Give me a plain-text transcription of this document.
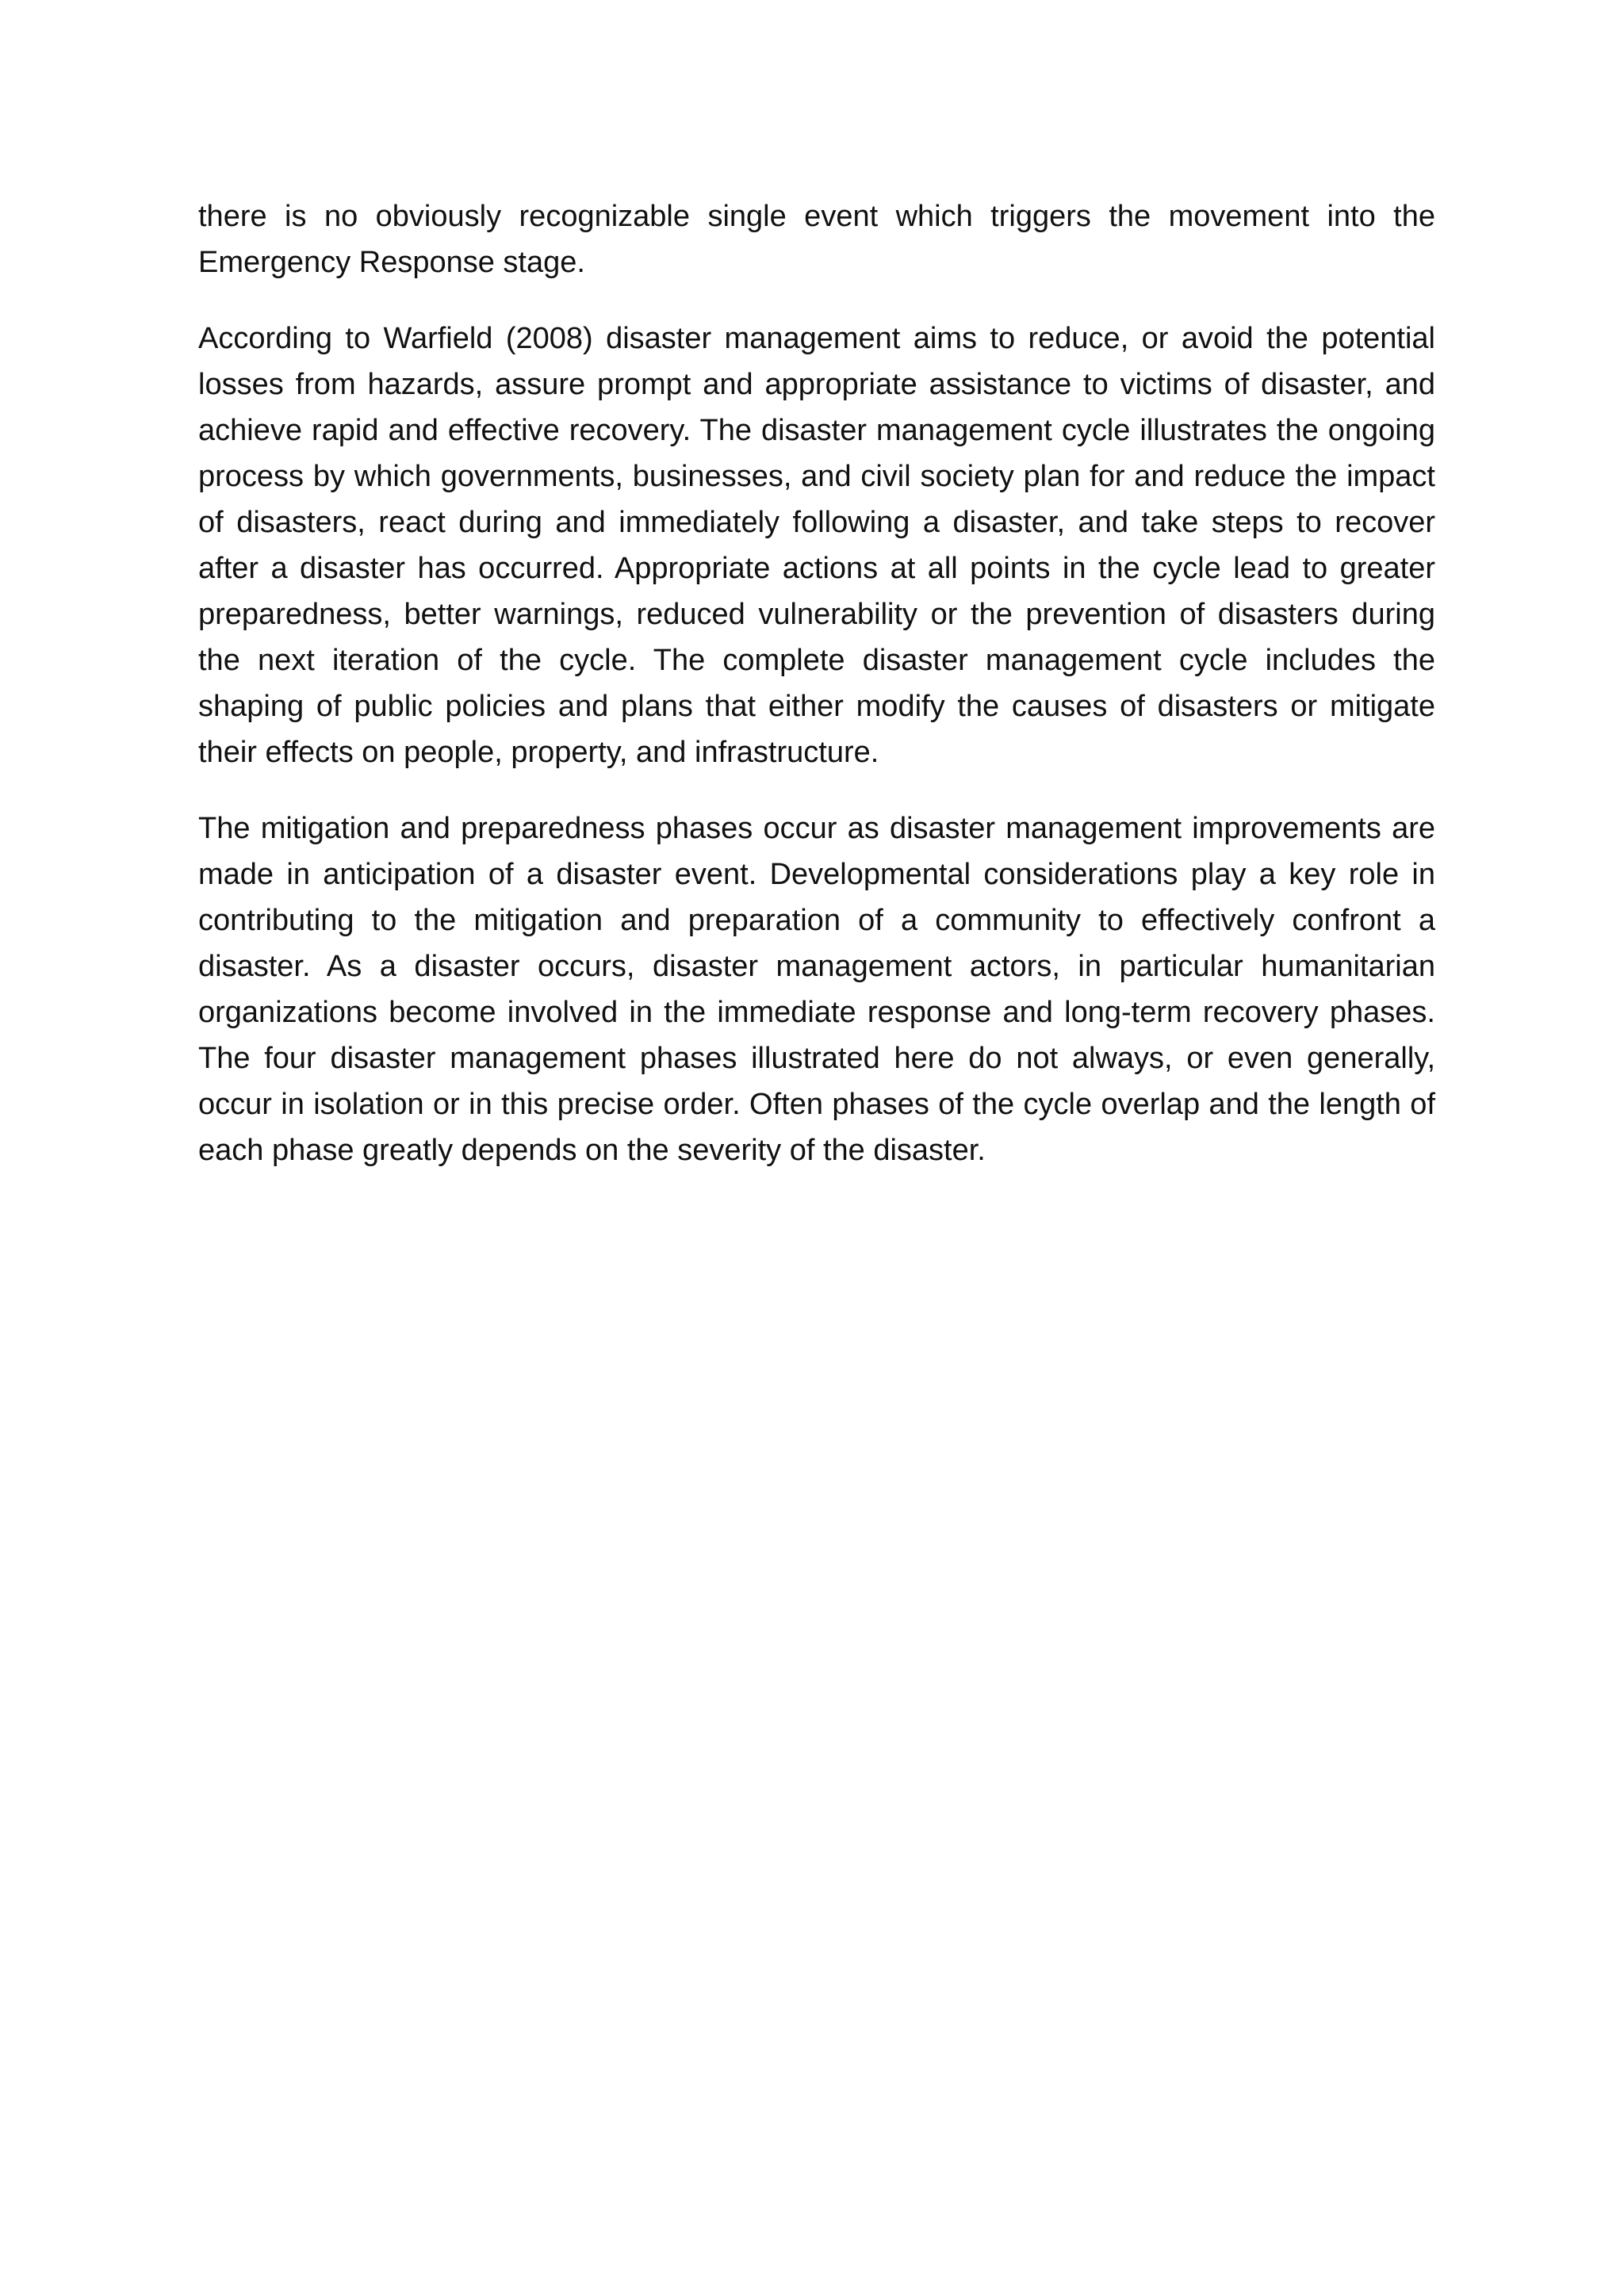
there is no obviously recognizable single event which triggers the movement into the Emergency Response stage.

According to Warfield (2008) disaster management aims to reduce, or avoid the potential losses from hazards, assure prompt and appropriate assistance to victims of disaster, and achieve rapid and effective recovery. The disaster management cycle illustrates the ongoing process by which governments, businesses, and civil society plan for and reduce the impact of disasters, react during and immediately following a disaster, and take steps to recover after a disaster has occurred. Appropriate actions at all points in the cycle lead to greater preparedness, better warnings, reduced vulnerability or the prevention of disasters during the next iteration of the cycle. The complete disaster management cycle includes the shaping of public policies and plans that either modify the causes of disasters or mitigate their effects on people, property, and infrastructure.

The mitigation and preparedness phases occur as disaster management improvements are made in anticipation of a disaster event. Developmental considerations play a key role in contributing to the mitigation and preparation of a community to effectively confront a disaster. As a disaster occurs, disaster management actors, in particular humanitarian organizations become involved in the immediate response and long-term recovery phases. The four disaster management phases illustrated here do not always, or even generally, occur in isolation or in this precise order. Often phases of the cycle overlap and the length of each phase greatly depends on the severity of the disaster.
